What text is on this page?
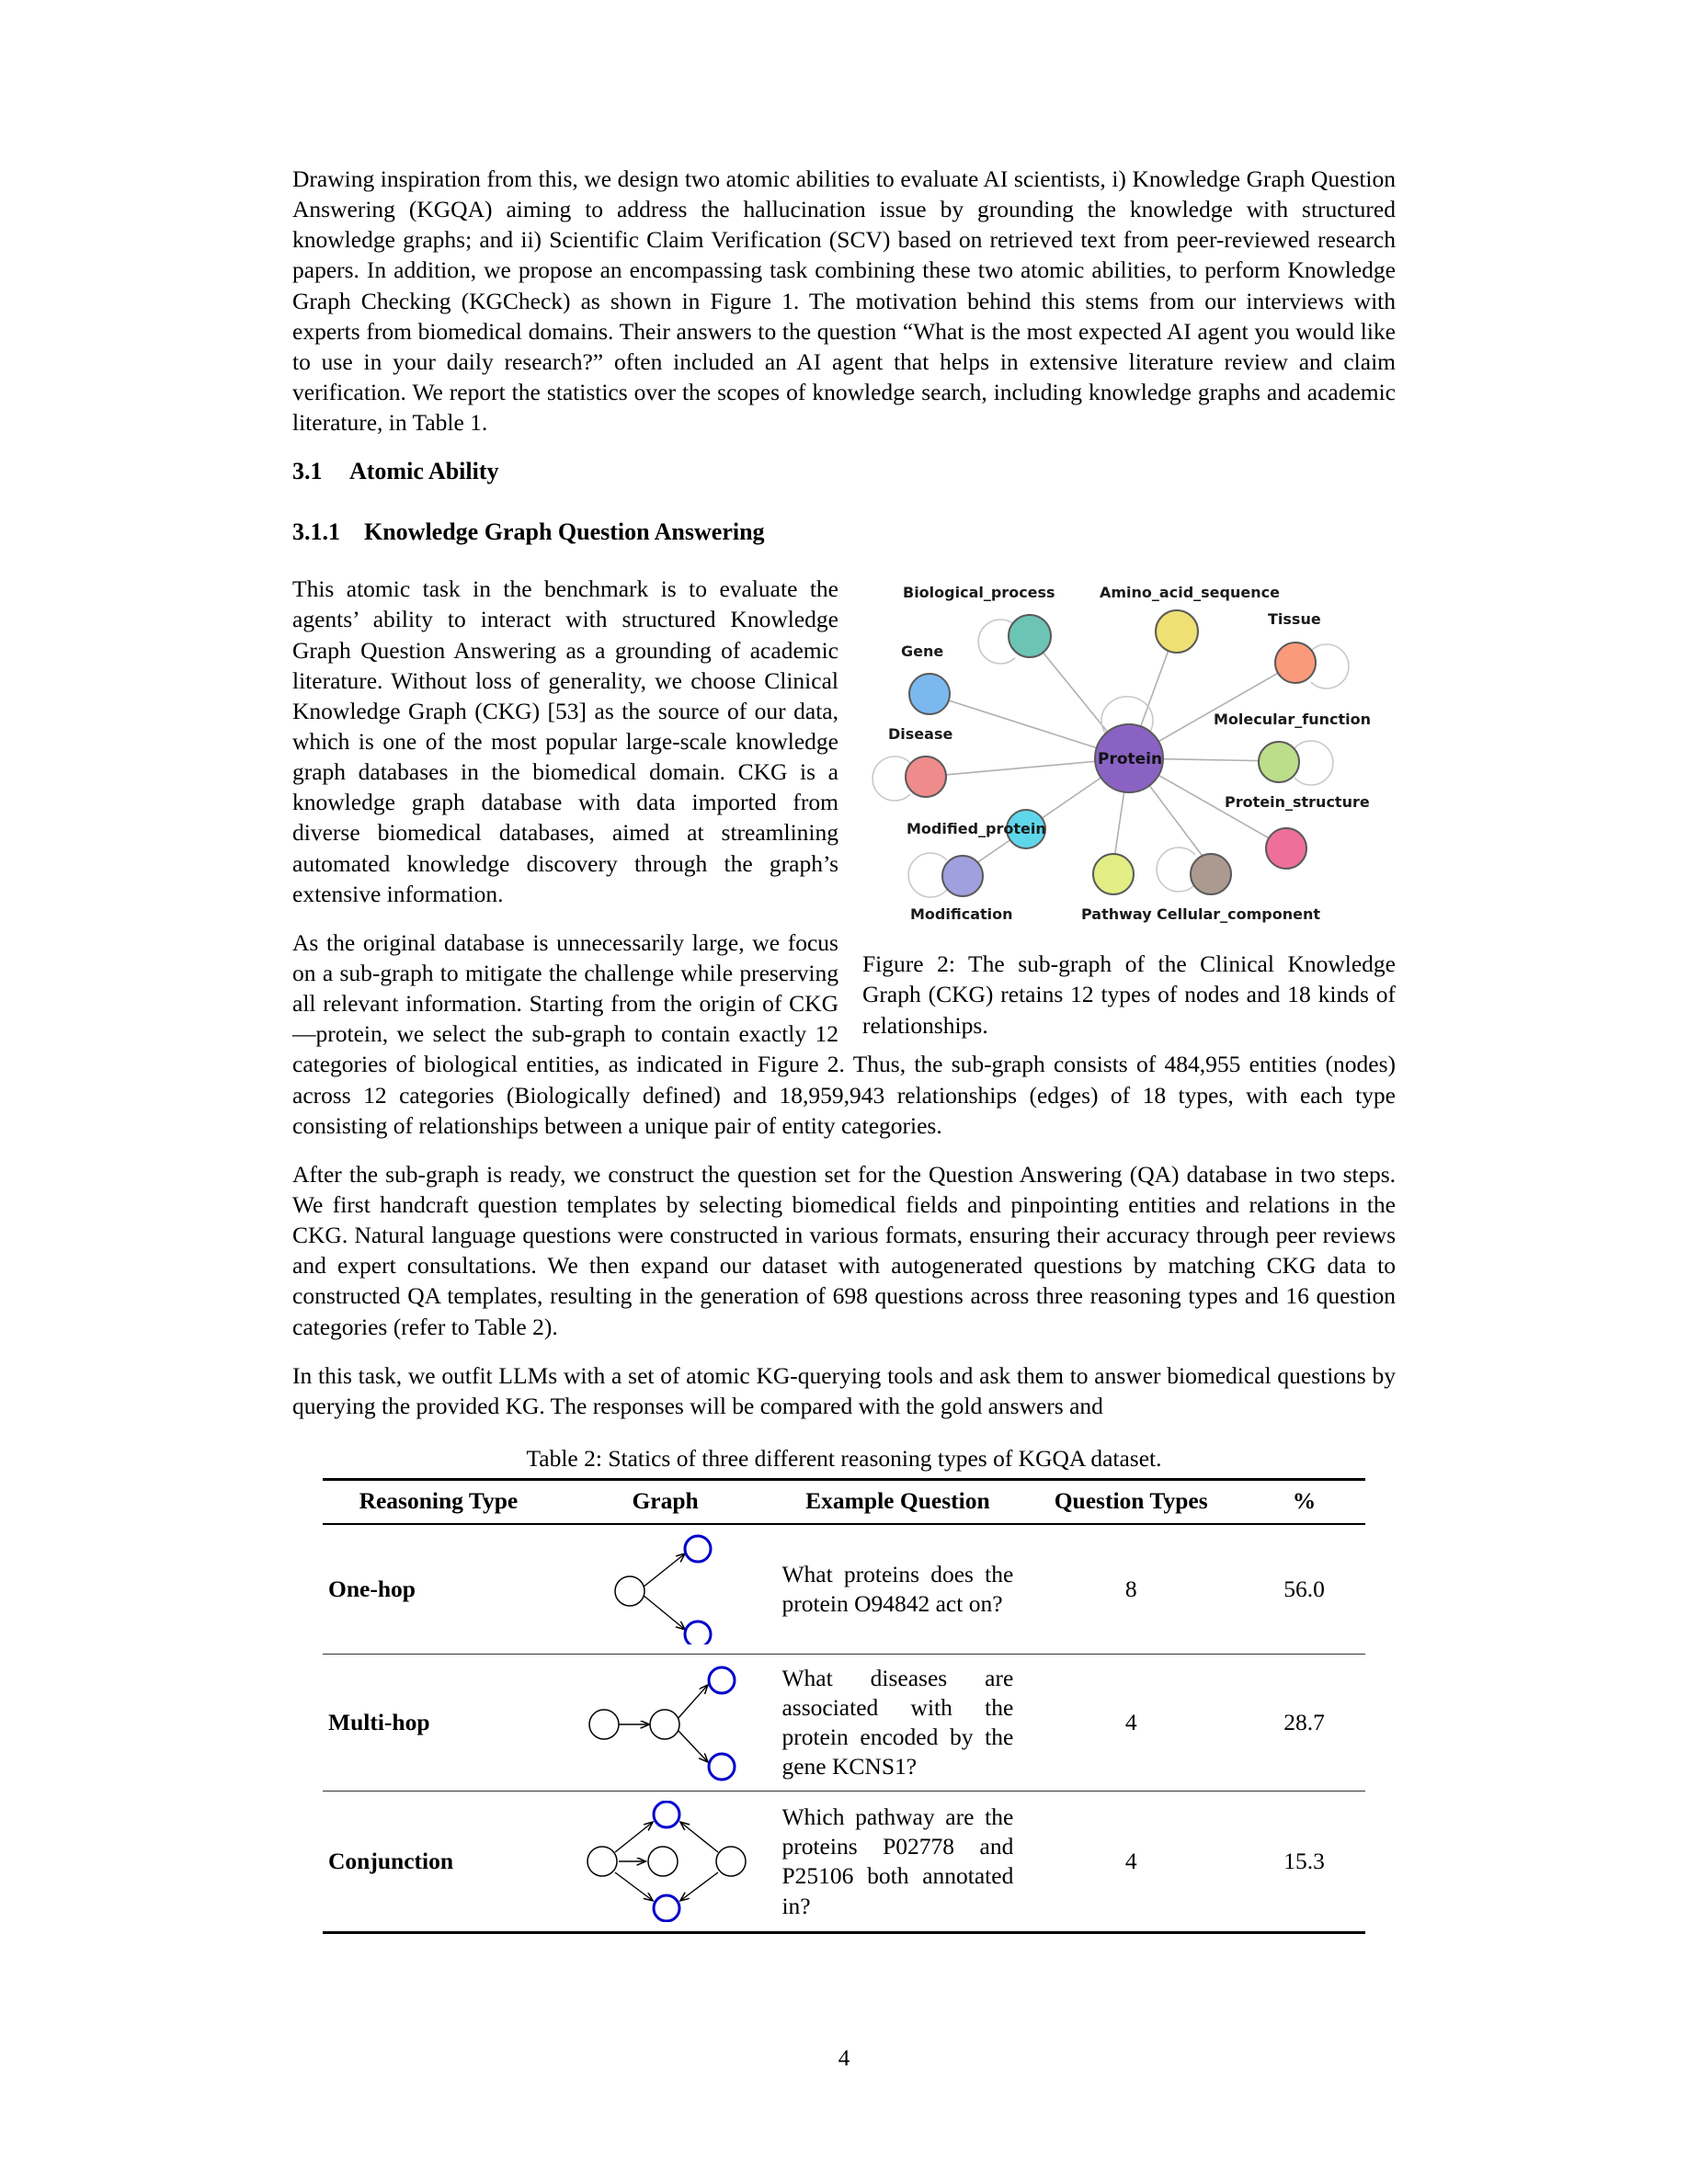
Drawing inspiration from this, we design two atomic abilities to evaluate AI scientists, i) Knowledge Graph Question Answering (KGQA) aiming to address the hallucination issue by grounding the knowledge with structured knowledge graphs; and ii) Scientific Claim Verification (SCV) based on retrieved text from peer-reviewed research papers. In addition, we propose an encompassing task combining these two atomic abilities, to perform Knowledge Graph Checking (KGCheck) as shown in Figure 1. The motivation behind this stems from our interviews with experts from biomedical domains. Their answers to the question “What is the most expected AI agent you would like to use in your daily research?” often included an AI agent that helps in extensive literature review and claim verification. We report the statistics over the scopes of knowledge search, including knowledge graphs and academic literature, in Table 1.

3.1 Atomic Ability
3.1.1 Knowledge Graph Question Answering
Protein
Biological_process	Amino_acid_sequence
Tissue
Gene
Disease
Molecular_function
Modified_protein
Protein_structure
Modification	Pathway Cellular_component
Figure 2: The sub-graph of the Clinical Knowledge Graph (CKG) retains 12 types of nodes and 18 kinds of relationships.

This atomic task in the benchmark is to evaluate the agents’ ability to interact with structured Knowledge Graph Question Answering as a grounding of academic literature. Without loss of generality, we choose Clinical Knowledge Graph (CKG) [53] as the source of our data, which is one of the most popular large-scale knowledge graph databases in the biomedical domain. CKG is a knowledge graph database with data imported from diverse biomedical databases, aimed at streamlining automated knowledge discovery through the graph’s extensive information.

As the original database is unnecessarily large, we focus on a sub-graph to mitigate the challenge while preserving all relevant information. Starting from the origin of CKG—protein, we select the sub-graph to contain exactly 12 categories of biological entities, as indicated in Figure 2. Thus, the sub-graph consists of 484,955 entities (nodes) across 12 categories (Biologically defined) and 18,959,943 relationships (edges) of 18 types, with each type consisting of relationships between a unique pair of entity categories.

After the sub-graph is ready, we construct the question set for the Question Answering (QA) database in two steps. We first handcraft question templates by selecting biomedical fields and pinpointing entities and relations in the CKG. Natural language questions were constructed in various formats, ensuring their accuracy through peer reviews and expert consultations. We then expand our dataset with autogenerated questions by matching CKG data to constructed QA templates, resulting in the generation of 698 questions across three reasoning types and 16 question categories (refer to Table 2).

In this task, we outfit LLMs with a set of atomic KG-querying tools and ask them to answer biomedical questions by querying the provided KG. The responses will be compared with the gold answers and

Table 2: Statics of three different reasoning types of KGQA dataset.
Reasoning Type	Graph	Example Question	Question Types	%
One-hop		What proteins does the protein O94842 act on?	8	56.0
Multi-hop		What diseases are associated with the protein encoded by the gene KCNS1?	4	28.7
Conjunction		Which pathway are the proteins P02778 and P25106 both annotated in?	4	15.3
4
